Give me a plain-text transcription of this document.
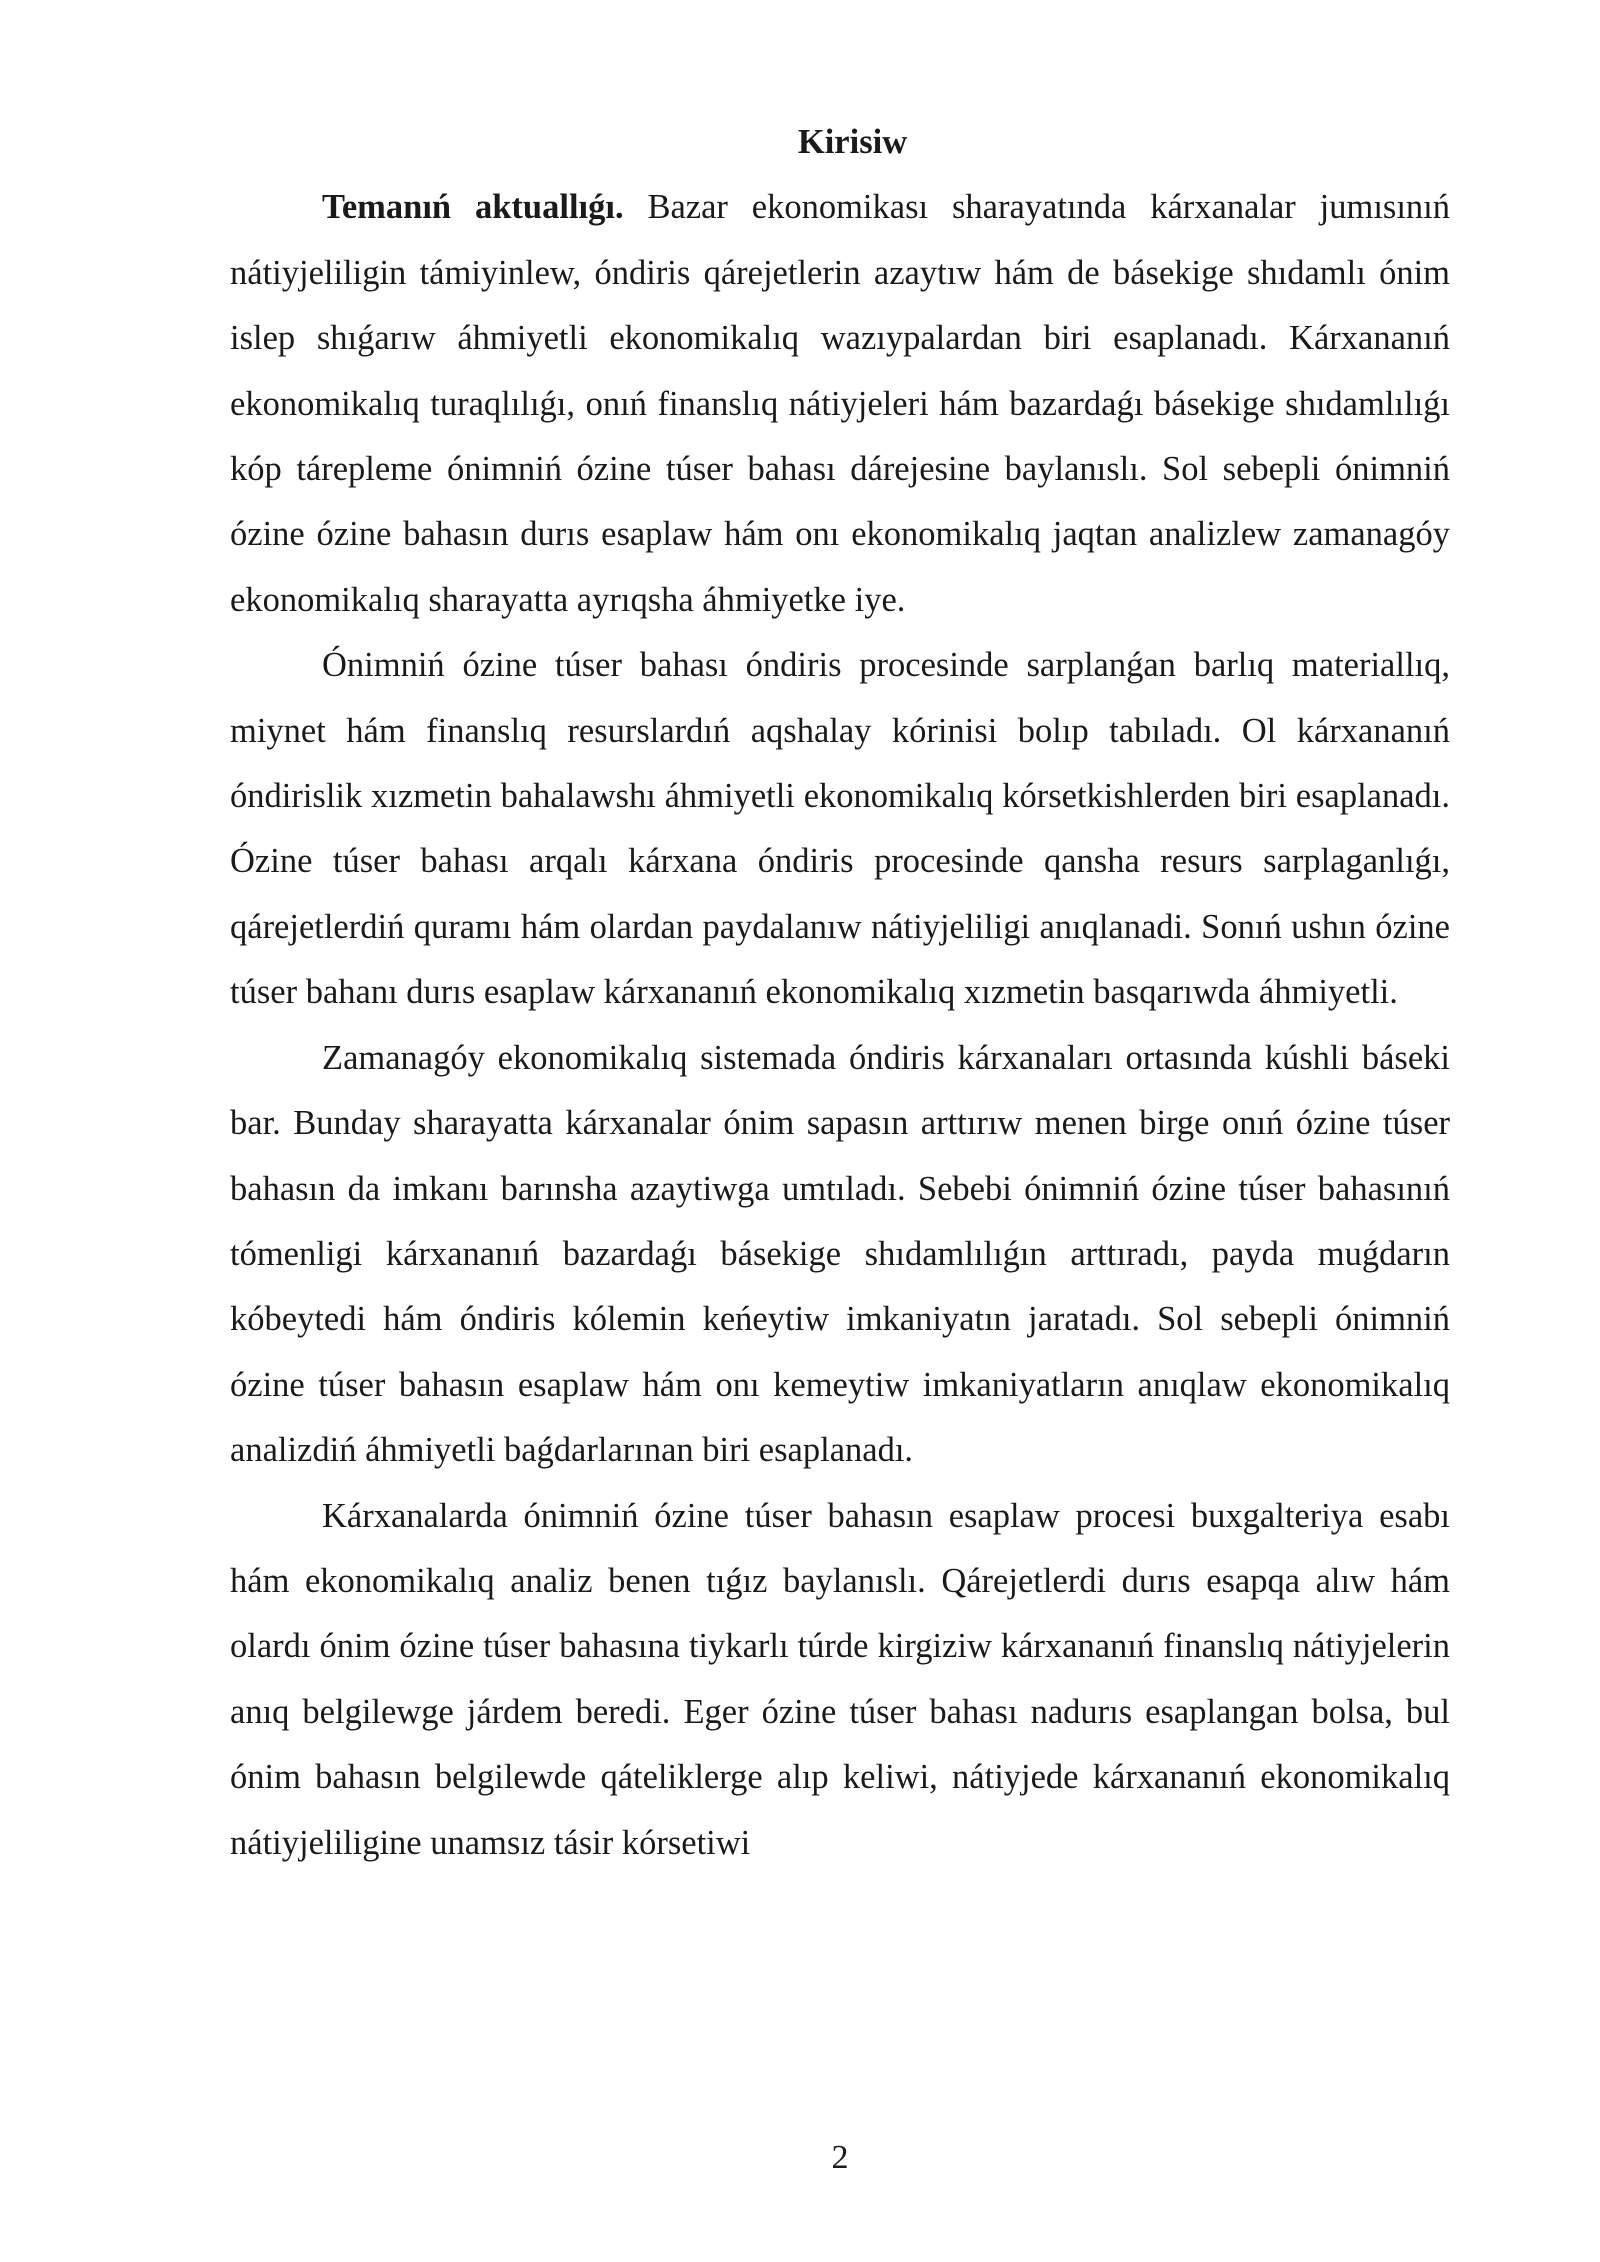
Kirisiw

Temanıń aktuallıǵı. Bazar ekonomikası sharayatında kárxanalar jumısınıń nátiyjeliligin támiyinlew, óndiris qárejetlerin azaytıw hám de básekige shıdamlı ónim islep shıǵarıw áhmiyetli ekonomikalıq wazıypalardan biri esaplanadı. Kárxananıń ekonomikalıq turaqlılıǵı, onıń finanslıq nátiyjeleri hám bazardaǵı básekige shıdamlılıǵı kóp tárepleme ónimniń ózine túser bahası dárejesine baylanıslı. Sol sebepli ónimniń ózine ózine bahasın durıs esaplaw hám onı ekonomikalıq jaqtan analizlew zamanagóy ekonomikalıq sharayatta ayrıqsha áhmiyetke iye.

Ónimniń ózine túser bahası óndiris procesinde sarplanǵan barlıq materiallıq, miynet hám finanslıq resurslardıń aqshalay kórinisi bolıp tabıladı. Ol kárxananıń óndirislik xızmetin bahalawshı áhmiyetli ekonomikalıq kórsetkishlerden biri esaplanadı. Ózine túser bahası arqalı kárxana óndiris procesinde qansha resurs sarplaganlıǵı, qárejetlerdiń quramı hám olardan paydalanıw nátiyjeliligi anıqlanadi. Sonıń ushın ózine túser bahanı durıs esaplaw kárxananıń ekonomikalıq xızmetin basqarıwda áhmiyetli.

Zamanagóy ekonomikalıq sistemada óndiris kárxanaları ortasında kúshli báseki bar. Bunday sharayatta kárxanalar ónim sapasın arttırıw menen birge onıń ózine túser bahasın da imkanı barınsha azaytiwga umtıladı. Sebebi ónimniń ózine túser bahasınıń tómenligi kárxananıń bazardaǵı básekige shıdamlılıǵın arttıradı, payda muǵdarın kóbeytedi hám óndiris kólemin keńeytiw imkaniyatın jaratadı. Sol sebepli ónimniń ózine túser bahasın esaplaw hám onı kemeytiw imkaniyatların anıqlaw ekonomikalıq analizdiń áhmiyetli baǵdarlarınan biri esaplanadı.

Kárxanalarda ónimniń ózine túser bahasın esaplaw procesi buxgalteriya esabı hám ekonomikalıq analiz benen tıǵız baylanıslı. Qárejetlerdi durıs esapqa alıw hám olardı ónim ózine túser bahasına tiykarlı túrde kirgiziw kárxananıń finanslıq nátiyjelerin anıq belgilewge járdem beredi. Eger ózine túser bahası nadurıs esaplangan bolsa, bul ónim bahasın belgilewde qáteliklerge alıp keliwi, nátiyjede kárxananıń ekonomikalıq nátiyjeliligine unamsız tásir kórsetiwi

2
